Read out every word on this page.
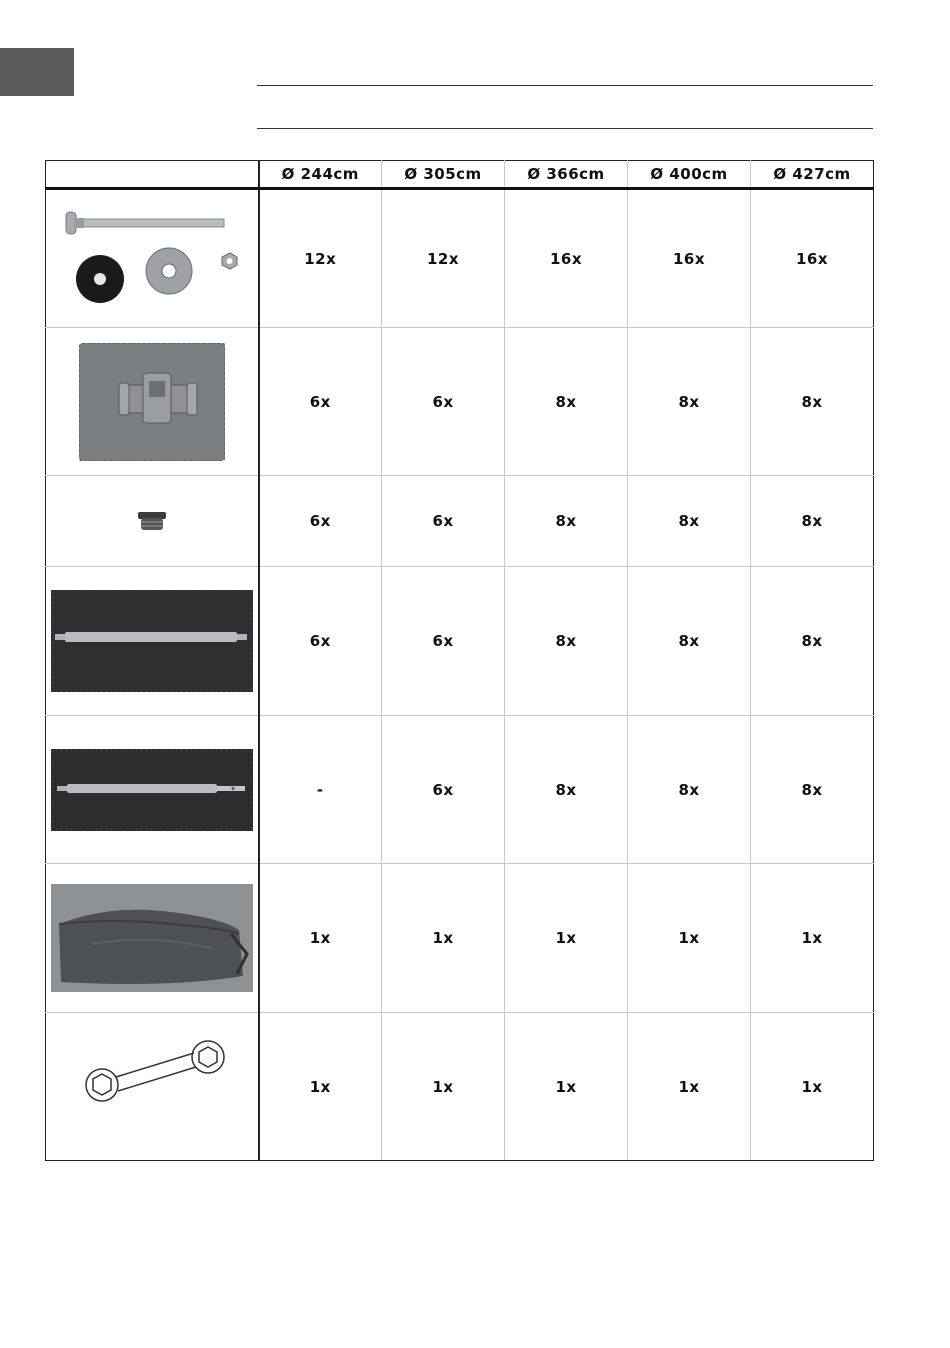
	Ø 244cm	Ø 305cm	Ø 366cm	Ø 400cm	Ø 427cm

	12x	12x	16x	16x	16x

	6x	6x	8x	8x	8x

	6x	6x	8x	8x	8x

	6x	6x	8x	8x	8x

	-	6x	8x	8x	8x

	1x	1x	1x	1x	1x

	1x	1x	1x	1x	1x
